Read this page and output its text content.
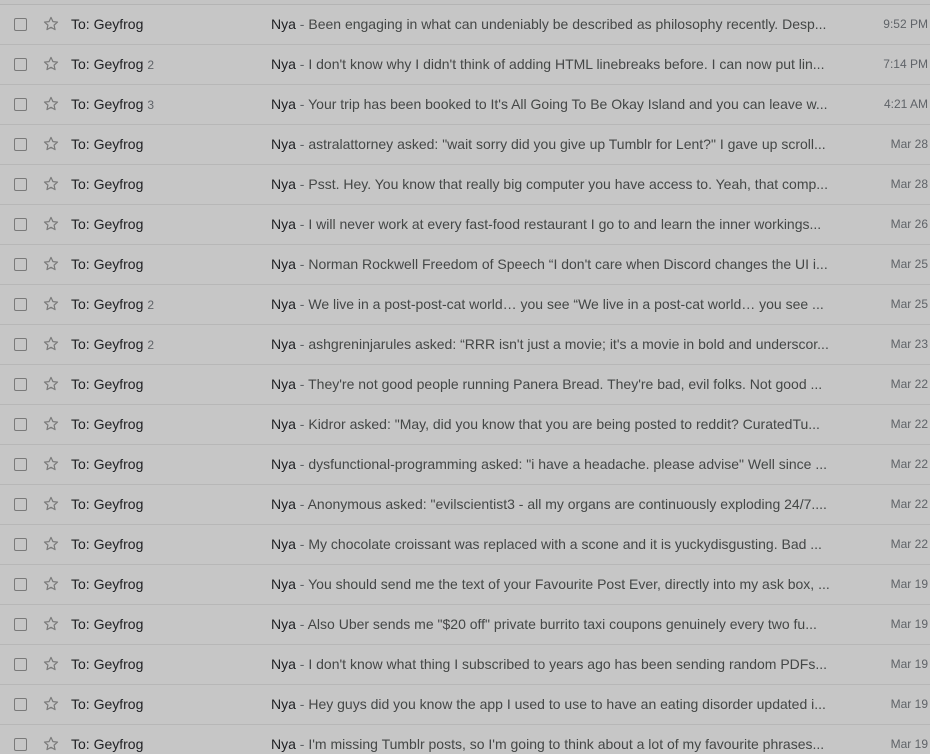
To: Geyfrog	Nya - Been engaging in what can undeniably be described as philosophy recently. Desp...	9:52 PM
To: Geyfrog 2	Nya - I don't know why I didn't think of adding HTML linebreaks before. I can now put lin...	7:14 PM
To: Geyfrog 3	Nya - Your trip has been booked to It's All Going To Be Okay Island and you can leave w...	4:21 AM
To: Geyfrog	Nya - astralattorney asked: "wait sorry did you give up Tumblr for Lent?" I gave up scroll...	Mar 28
To: Geyfrog	Nya - Psst. Hey. You know that really big computer you have access to. Yeah, that comp...	Mar 28
To: Geyfrog	Nya - I will never work at every fast-food restaurant I go to and learn the inner workings...	Mar 26
To: Geyfrog	Nya - Norman Rockwell Freedom of Speech “I don't care when Discord changes the UI i...	Mar 25
To: Geyfrog 2	Nya - We live in a post-post-cat world… you see “We live in a post-cat world… you see ...	Mar 25
To: Geyfrog 2	Nya - ashgreninjarules asked: “RRR isn't just a movie; it's a movie in bold and underscor...	Mar 23
To: Geyfrog	Nya - They're not good people running Panera Bread. They're bad, evil folks. Not good ...	Mar 22
To: Geyfrog	Nya - Kidror asked: "May, did you know that you are being posted to reddit? CuratedTu...	Mar 22
To: Geyfrog	Nya - dysfunctional-programming asked: "i have a headache. please advise" Well since ...	Mar 22
To: Geyfrog	Nya - Anonymous asked: "evilscientist3 - all my organs are continuously exploding 24/7....	Mar 22
To: Geyfrog	Nya - My chocolate croissant was replaced with a scone and it is yuckydisgusting. Bad ...	Mar 22
To: Geyfrog	Nya - You should send me the text of your Favourite Post Ever, directly into my ask box, ...	Mar 19
To: Geyfrog	Nya - Also Uber sends me "$20 off" private burrito taxi coupons genuinely every two fu...	Mar 19
To: Geyfrog	Nya - I don't know what thing I subscribed to years ago has been sending random PDFs...	Mar 19
To: Geyfrog	Nya - Hey guys did you know the app I used to use to have an eating disorder updated i...	Mar 19
To: Geyfrog	Nya - I'm missing Tumblr posts, so I'm going to think about a lot of my favourite phrases...	Mar 19
